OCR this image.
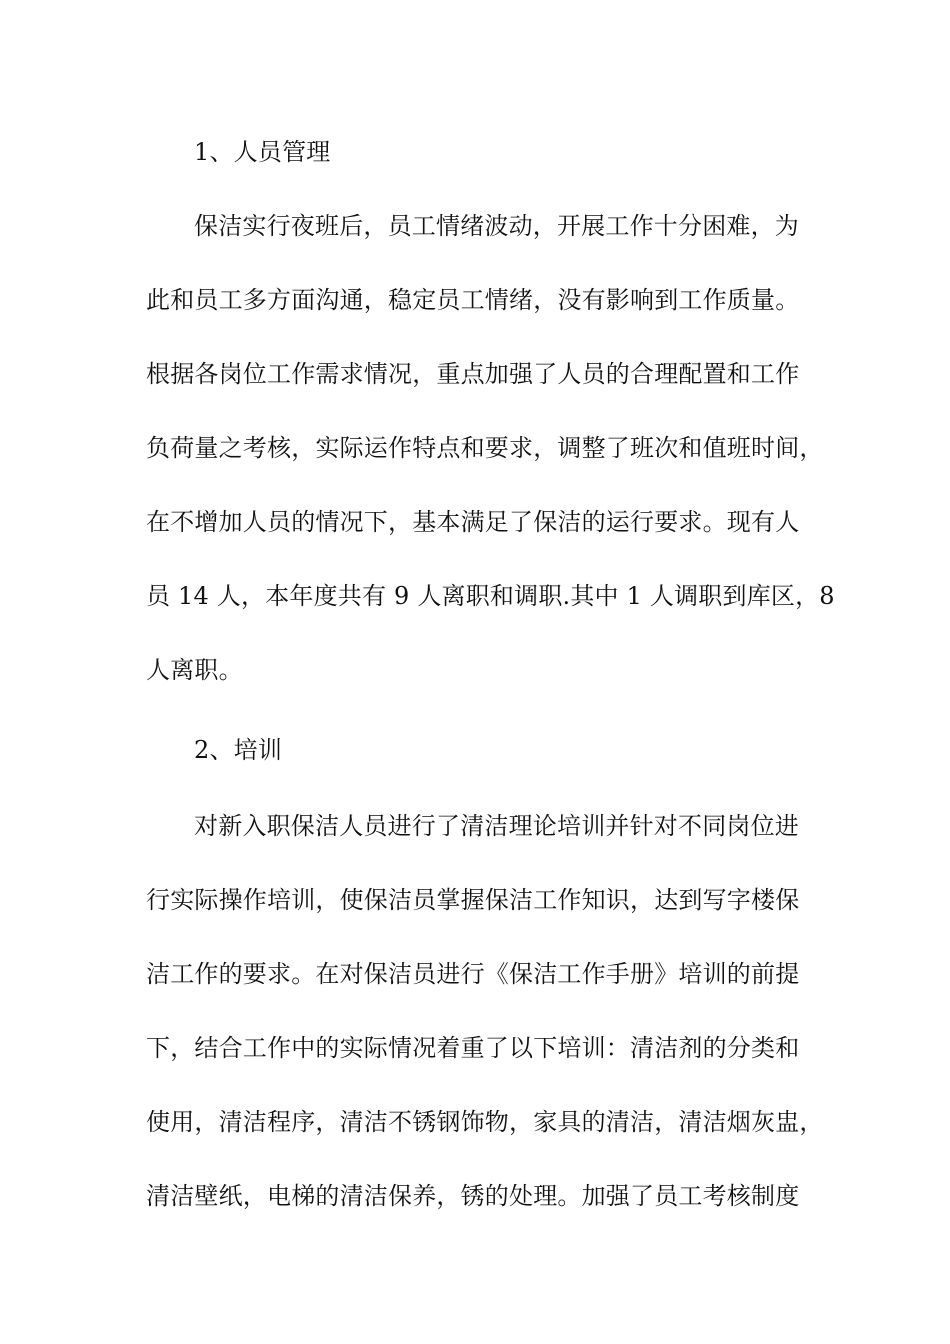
1、人员管理
保洁实行夜班后，员工情绪波动，开展工作十分困难，为
此和员工多方面沟通，稳定员工情绪，没有影响到工作质量。
根据各岗位工作需求情况，重点加强了人员的合理配置和工作
负荷量之考核，实际运作特点和要求，调整了班次和值班时间，
在不增加人员的情况下，基本满足了保洁的运行要求。现有人
员 14 人，本年度共有 9 人离职和调职.其中 1 人调职到库区，8
人离职。
2、培训
对新入职保洁人员进行了清洁理论培训并针对不同岗位进
行实际操作培训，使保洁员掌握保洁工作知识，达到写字楼保
洁工作的要求。在对保洁员进行《保洁工作手册》培训的前提
下，结合工作中的实际情况着重了以下培训：清洁剂的分类和
使用，清洁程序，清洁不锈钢饰物，家具的清洁，清洁烟灰盅，
清洁壁纸，电梯的清洁保养，锈的处理。加强了员工考核制度
